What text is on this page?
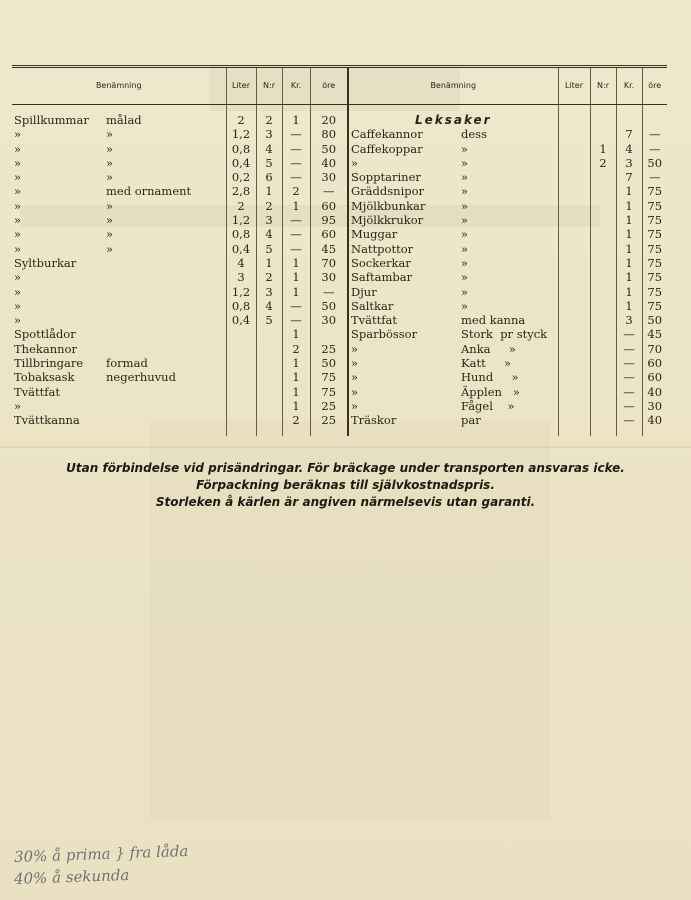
Benämning	Liter	N:r	Kr.	öre	Benämning	Liter	N:r	Kr.	öre
Spillkummar målad	2	2	1	20	Leksaker				

» »	1,2	3	—	80	Caffekannor dess			7	—
» »	0,8	4	—	50	Caffekoppar »		1	4	—
» »	0,4	5	—	40	» »		2	3	50
» »	0,2	6	—	30	Sopptariner »			7	—
» med ornament	2,8	1	2	—	Gräddsnipor »			1	75
» »	2	2	1	60	Mjölkbunkar »			1	75
» »	1,2	3	—	95	Mjölkkrukor »			1	75
» »	0,8	4	—	60	Muggar »			1	75
» »	0,4	5	—	45	Nattpottor »			1	75
Syltburkar	4	1	1	70	Sockerkar »			1	75
»	3	2	1	30	Saftambar »			1	75
»	1,2	3	1	—	Djur »			1	75
»	0,8	4	—	50	Saltkar »			1	75
»	0,4	5	—	30	Tvättfat med kanna			3	50
Spottlådor			1		Sparbössor Stork  pr styck			—	45
Thekannor			2	25	» Anka     »			—	70
Tillbringare formad			1	50	» Katt     »			—	60
Tobaksask negerhuvud			1	75	» Hund     »			—	60
Tvättfat			1	75	» Äpplen   »			—	40
»			1	25	» Fågel    »			—	30
Tvättkanna			2	25	Träskor par			—	40
Utan förbindelse vid prisändringar. För bräckage under transporten ansvaras icke.
Förpackning beräknas till självkostnadspris.
Storleken å kärlen är angiven närmelsevis utan garanti.
30% å prima } fra låda
40% å sekunda
